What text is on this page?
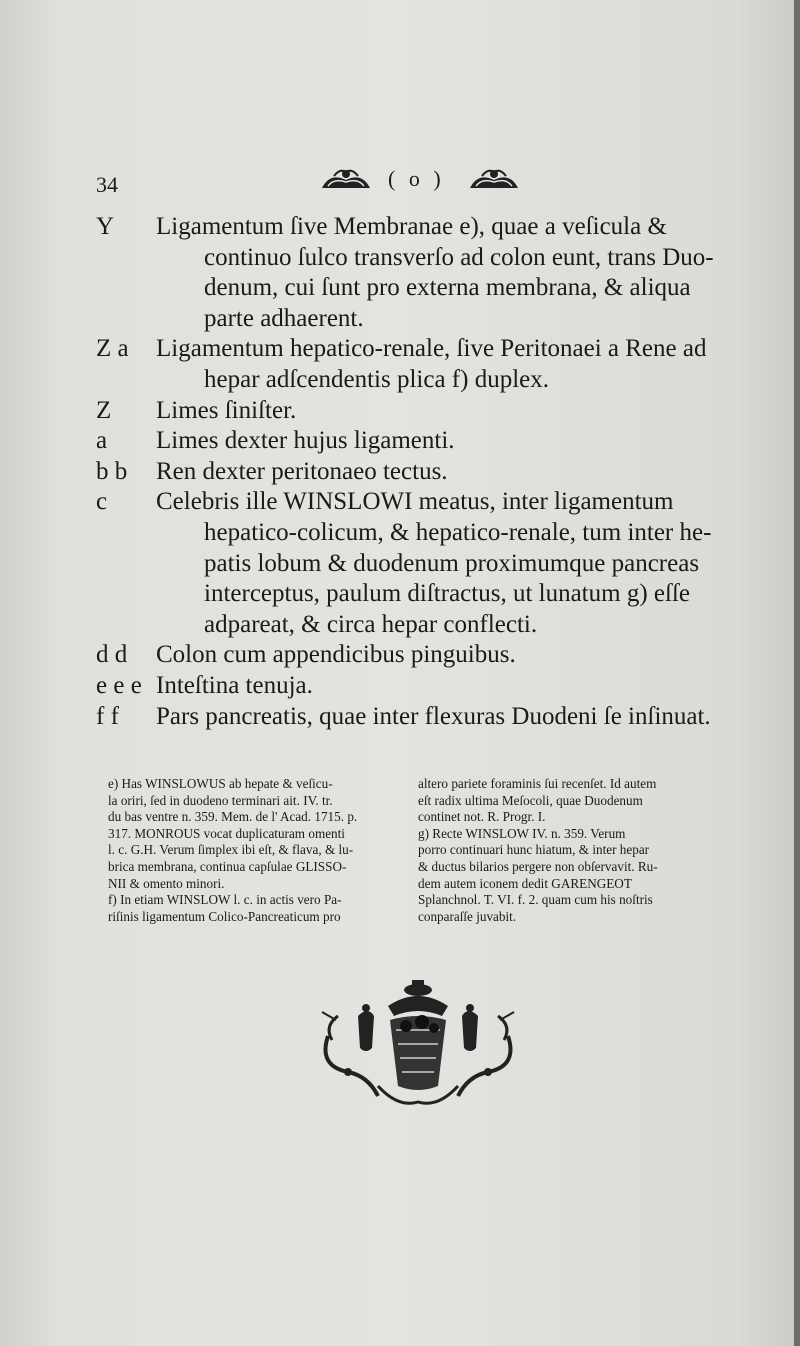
34	( o )
Y Ligamentum ſive Membranae e), quae a veſicula &
continuo ſulco transverſo ad colon eunt, trans Duo-
denum, cui ſunt pro externa membrana, & aliqua
parte adhaerent.
Z a Ligamentum hepatico-renale, ſive Peritonaei a Rene ad
hepar adſcendentis plica f) duplex.
Z Limes ſiniſter.
a Limes dexter hujus ligamenti.
b b Ren dexter peritonaeo tectus.
c Celebris ille WINSLOWI meatus, inter ligamentum
hepatico-colicum, & hepatico-renale, tum inter he-
patis lobum & duodenum proximumque pancreas
interceptus, paulum diſtractus, ut lunatum g) eſſe
adpareat, & circa hepar conflecti.
d d Colon cum appendicibus pinguibus.
e e e Inteſtina tenuja.
f f Pars pancreatis, quae inter flexuras Duodeni ſe inſinuat.
e) Has WINSLOWUS ab hepate & veſicu-
la oriri, ſed in duodeno terminari ait. IV. tr.
du bas ventre n. 359. Mem. de l' Acad. 1715. p.
317. MONROUS vocat duplicaturam omenti
l. c. G.H. Verum ſimplex ibi eſt, & flava, & lu-
brica membrana, continua capſulae GLISSO-
NII & omento minori.
f) In etiam WINSLOW l. c. in actis vero Pa-
riſinis ligamentum Colico-Pancreaticum pro
altero pariete foraminis ſui recenſet. Id autem
eſt radix ultima Meſocoli, quae Duodenum
continet not. R. Progr. I.
g) Recte WINSLOW IV. n. 359. Verum
porro continuari hunc hiatum, & inter hepar
& ductus bilarios pergere non obſervavit. Ru-
dem autem iconem dedit GARENGEOT
Splanchnol. T. VI. f. 2. quam cum his noſtris
conparaſſe juvabit.
